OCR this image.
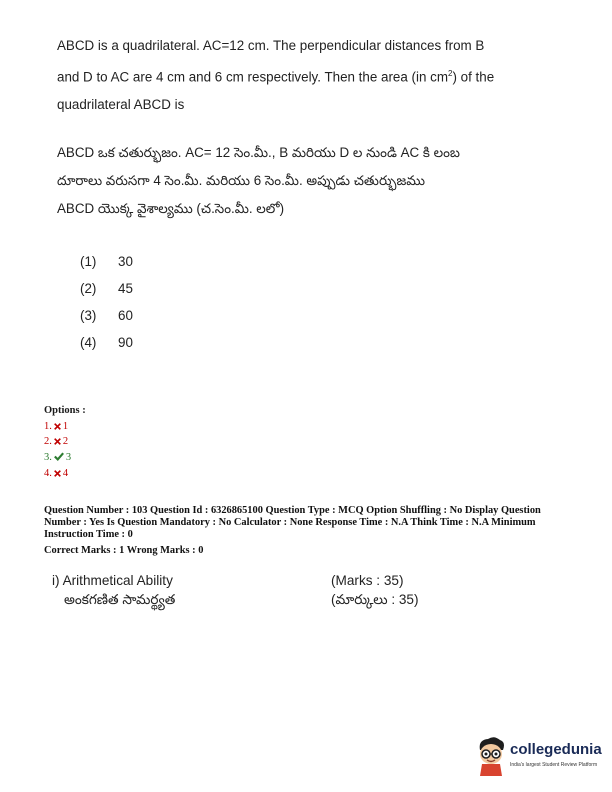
ABCD is a quadrilateral. AC=12 cm. The perpendicular distances from B
and D to AC are 4 cm and 6 cm respectively. Then the area (in $cm^2$) of the
quadrilateral ABCD is
ABCD ఒక చతుర్భుజం. AC= 12 సెం.మీ., B మరియు D ల నుండి AC కి లంబ
దూరాలు వరుసగా 4 సెం.మీ. మరియు 6 సెం.మీ. అప్పుడు చతుర్భుజము
ABCD యొక్క వైశాల్యము (చ.సెం.మీ. లలో)
(1) 30
(2) 45
(3) 60
(4) 90
Options :
1. 1
2. 2
3. 3
4. 4
Question Number : 103 Question Id : 6326865100 Question Type : MCQ Option Shuffling : No Display Question
Number : Yes Is Question Mandatory : No Calculator : None Response Time : N.A Think Time : N.A Minimum
Instruction Time : 0
Correct Marks : 1 Wrong Marks : 0
i) Arithmetical Ability
అంకగణిత సామర్థ్యత
(Marks : 35)
(మార్కులు : 35)
collegedunia
India's largest Student Review Platform
